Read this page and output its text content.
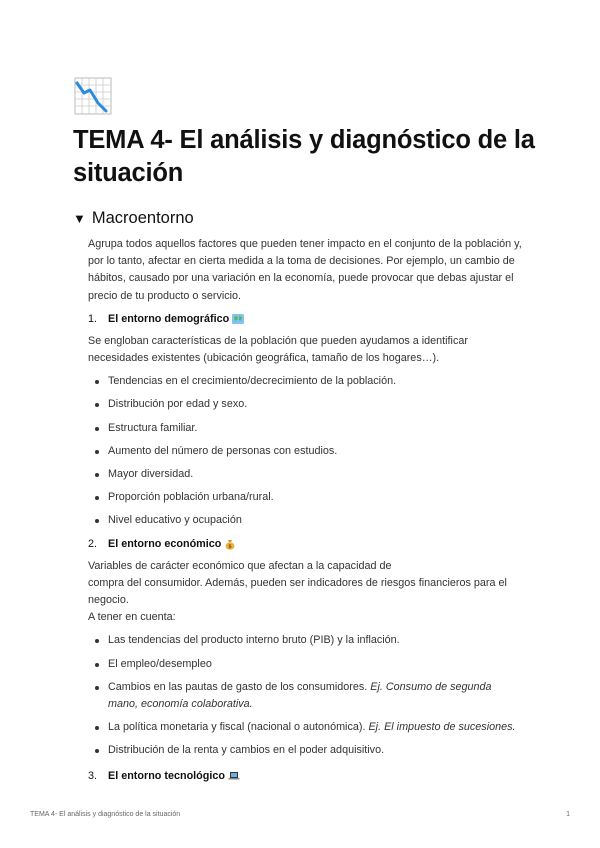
TEMA 4- El análisis y diagnóstico de la situación
▼ Macroentorno

Agrupa todos aquellos factores que pueden tener impacto en el conjunto de la población y, por lo tanto, afectar en cierta medida a la toma de decisiones. Por ejemplo, un cambio de hábitos, causado por una variación en la economía, puede provocar que debas ajustar el precio de tu producto o servicio.

1.	El entorno demográfico

Se engloban características de la población que pueden ayudamos a identificar necesidades existentes (ubicación geográfica, tamaño de los hogares…).

Tendencias en el crecimiento/decrecimiento de la población.
Distribución por edad y sexo.
Estructura familiar.
Aumento del número de personas con estudios.
Mayor diversidad.
Proporción población urbana/rural.
Nivel educativo y ocupación
2.	El entorno económico $

Variables de carácter económico que afectan a la capacidad de

compra del consumidor. Además, pueden ser indicadores de riesgos financieros para el negocio.

A tener en cuenta:

Las tendencias del producto interno bruto (PIB) y la inflación.
El empleo/desempleo
Cambios en las pautas de gasto de los consumidores. Ej. Consumo de segunda mano, economía colaborativa.
La política monetaria y fiscal (nacional o autonómica). Ej. El impuesto de sucesiones.
Distribución de la renta y cambios en el poder adquisitivo.
3.	El entorno tecnológico
TEMA 4- El análisis y diagnóstico de la situación	1
